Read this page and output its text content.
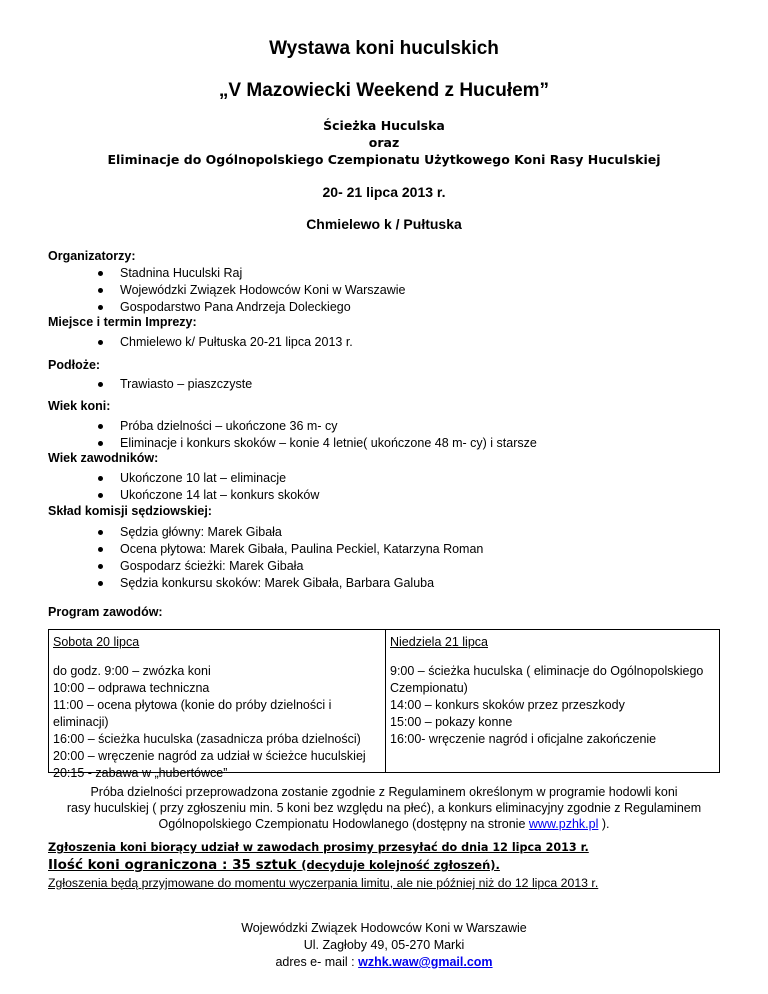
Wystawa koni huculskich
„V Mazowiecki Weekend z Hucułem”
Ścieżka Huculska
oraz
Eliminacje do Ogólnopolskiego Czempionatu Użytkowego Koni Rasy Huculskiej
20- 21 lipca 2013 r.
Chmielewo k / Pułtuska
Organizatorzy:
Stadnina Huculski Raj
Wojewódzki Związek Hodowców Koni w Warszawie
Gospodarstwo Pana Andrzeja Doleckiego
Miejsce i termin Imprezy:
Chmielewo k/ Pułtuska 20-21 lipca 2013 r.
Podłoże:
Trawiasto – piaszczyste
Wiek koni:
Próba dzielności – ukończone 36 m- cy
Eliminacje i konkurs skoków – konie 4 letnie( ukończone 48 m- cy) i starsze
Wiek zawodników:
Ukończone 10 lat – eliminacje
Ukończone 14 lat – konkurs skoków
Skład komisji sędziowskiej:
Sędzia główny: Marek Gibała
Ocena płytowa: Marek Gibała, Paulina Peckiel, Katarzyna Roman
Gospodarz ścieżki: Marek Gibała
Sędzia konkursu skoków: Marek Gibała, Barbara Galuba
Program zawodów:
Sobota 20 lipca
do godz. 9:00 – zwózka koni
10:00 – odprawa techniczna
11:00 – ocena płytowa (konie do próby dzielności i
eliminacji)
16:00 – ścieżka huculska (zasadnicza próba dzielności)
20:00 – wręczenie nagród za udział w ścieżce huculskiej
20:15 - zabawa w „hubertówce”
Niedziela 21 lipca
9:00 – ścieżka huculska ( eliminacje do Ogólnopolskiego
Czempionatu)
14:00 – konkurs skoków przez przeszkody
15:00 – pokazy konne
16:00- wręczenie nagród i oficjalne zakończenie
Próba dzielności przeprowadzona zostanie zgodnie z Regulaminem określonym w programie hodowli koni
rasy huculskiej ( przy zgłoszeniu min. 5 koni bez względu na płeć), a konkurs eliminacyjny zgodnie z Regulaminem
Ogólnopolskiego Czempionatu Hodowlanego (dostępny na stronie www.pzhk.pl ).
Zgłoszenia koni biorący udział w zawodach prosimy przesyłać do dnia 12 lipca 2013 r.
Ilość koni ograniczona : 35 sztuk (decyduje kolejność zgłoszeń).
Zgłoszenia będą przyjmowane do momentu wyczerpania limitu, ale nie później niż do 12 lipca 2013 r.
Wojewódzki Związek Hodowców Koni w Warszawie
Ul. Zagłoby 49, 05-270 Marki
adres e- mail : wzhk.waw@gmail.com
